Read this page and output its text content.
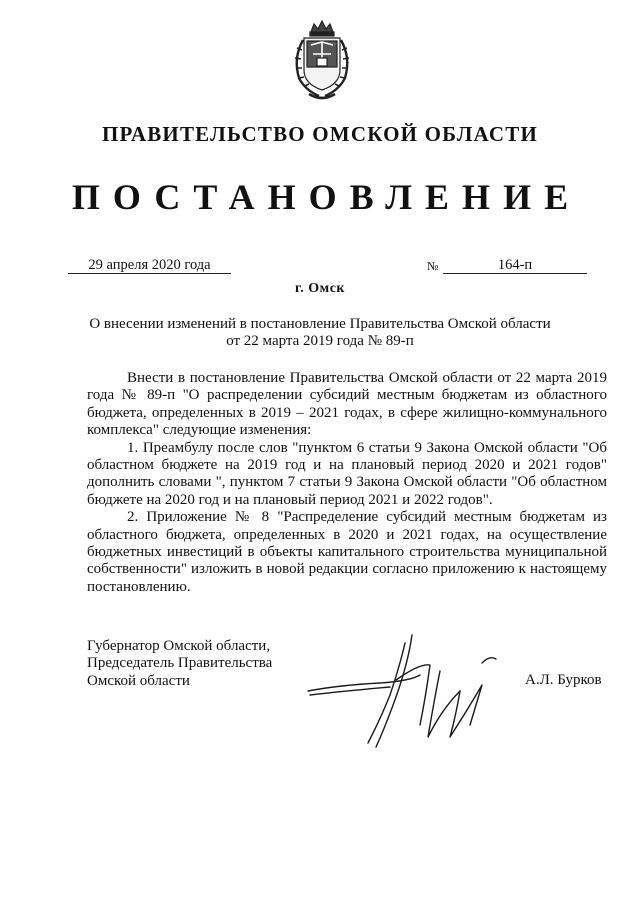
ПРАВИТЕЛЬСТВО ОМСКОЙ ОБЛАСТИ
ПОСТАНОВЛЕНИЕ
29 апреля 2020 года	№	164-п
г. Омск
О внесении изменений в постановление Правительства Омской области
от 22 марта 2019 года № 89-п

Внести в постановление Правительства Омской области от 22 марта 2019 года № 89-п "О распределении субсидий местным бюджетам из областного бюджета, определенных в 2019 – 2021 годах, в сфере жилищно-коммунального комплекса" следующие изменения:

1. Преамбулу после слов "пунктом 6 статьи 9 Закона Омской области "Об областном бюджете на 2019 год и на плановый период 2020 и 2021 годов" дополнить словами ", пунктом 7 статьи 9 Закона Омской области "Об областном бюджете на 2020 год и на плановый период 2021 и 2022 годов".

2. Приложение № 8 "Распределение субсидий местным бюджетам из областного бюджета, определенных в 2020 и 2021 годах, на осуществление бюджетных инвестиций в объекты капитального строительства муниципальной собственности" изложить в новой редакции согласно приложению к настоящему постановлению.

Губернатор Омской области,
Председатель Правительства
Омской области	А.Л. Бурков
